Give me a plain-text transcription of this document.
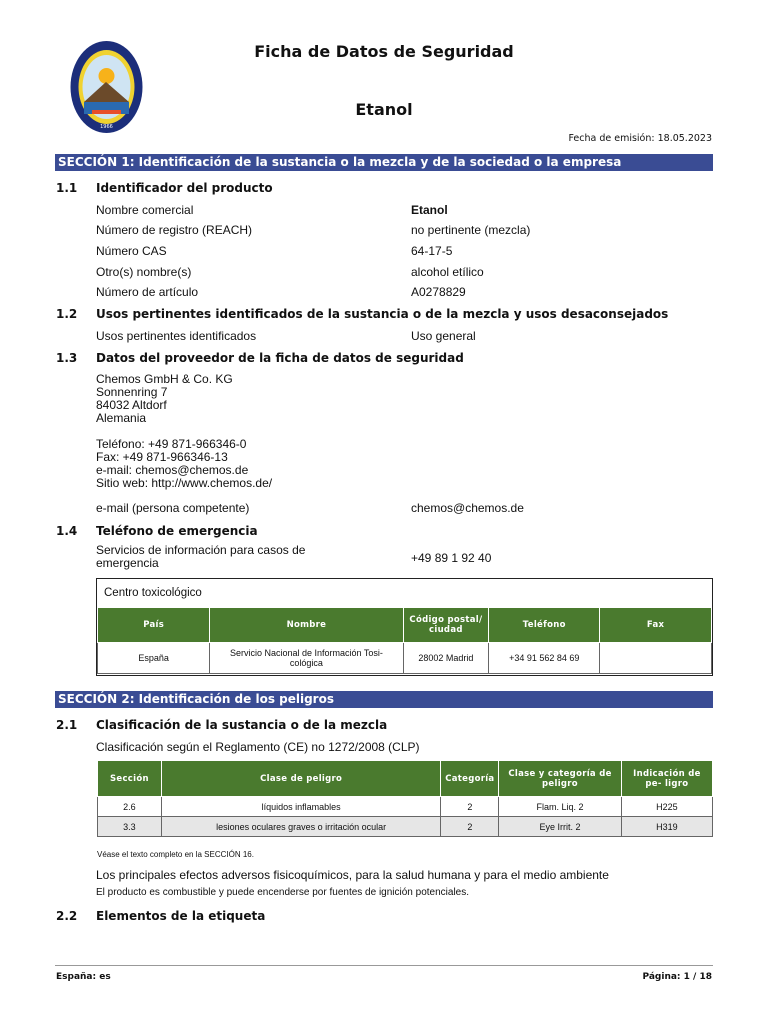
1966
Ficha de Datos de Seguridad
Etanol
Fecha de emisión: 18.05.2023
SECCIÓN 1: Identificación de la sustancia o la mezcla y de la sociedad o la empresa
1.1 Identificador del producto
Nombre comercial	Etanol
Número de registro (REACH)	no pertinente (mezcla)
Número CAS	64-17-5
Otro(s) nombre(s)	alcohol etílico
Número de artículo	A0278829
1.2 Usos pertinentes identificados de la sustancia o de la mezcla y usos desaconsejados
Usos pertinentes identificados	Uso general
1.3 Datos del proveedor de la ficha de datos de seguridad
Chemos GmbH & Co. KG
Sonnenring 7
84032 Altdorf
Alemania
Teléfono: +49 871-966346-0
Fax: +49 871-966346-13
e-mail: chemos@chemos.de
Sitio web: http://www.chemos.de/
e-mail (persona competente)	chemos@chemos.de
1.4 Teléfono de emergencia
Servicios de información para casos de
emergencia	+49 89 1 92 40
Centro toxicológico
País	Nombre	Código postal/ ciudad	Teléfono	Fax
España	Servicio Nacional de Información Tosi-
cológica	28002 Madrid	+34 91 562 84 69	
SECCIÓN 2: Identificación de los peligros
2.1 Clasificación de la sustancia o de la mezcla
Clasificación según el Reglamento (CE) no 1272/2008 (CLP)
Sección	Clase de peligro	Categoría	Clase y categoría de peligro	Indicación de pe- ligro
2.6	líquidos inflamables	2	Flam. Liq. 2	H225
3.3	lesiones oculares graves o irritación ocular	2	Eye Irrit. 2	H319
Véase el texto completo en la SECCIÓN 16.
Los principales efectos adversos fisicoquímicos, para la salud humana y para el medio ambiente
El producto es combustible y puede encenderse por fuentes de ignición potenciales.
2.2 Elementos de la etiqueta
España: es	Página: 1 / 18
